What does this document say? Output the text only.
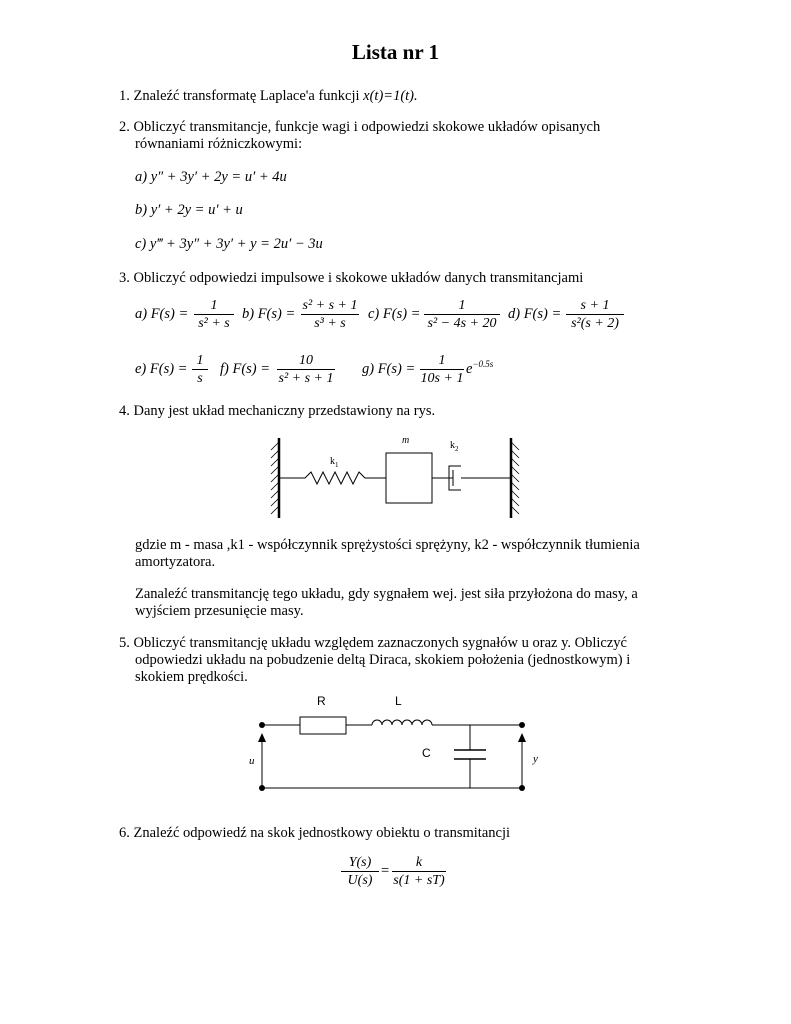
Lista nr 1
1. Znaleźć transformatę Laplace'a funkcji x(t)=1(t).
2. Obliczyć transmitancje, funkcje wagi i odpowiedzi skokowe układów opisanych
równaniami różniczkowymi:
a) y″ + 3y′ + 2y = u′ + 4u
b) y′ + 2y = u′ + u
c) y‴ + 3y″ + 3y′ + y = 2u′ − 3u
3. Obliczyć odpowiedzi impulsowe i skokowe układów danych transmitancjami
a) $F(s) = \frac{1}{\text{s² + s}} b$) $F(s) = \frac{\text{s² + s + 1}}{\text{s³ + s}} c$) $F(s) = \frac{1}{\text{s² − 4s + 20}} d$) $F(s) = \frac{s + 1}{\text{s²(s + 2)}}$
e) $F(s) = \frac{1}{s} f$) $F(s) = \frac{10}{\text{s² + s + 1}} g$) $F(s) = \frac{1}{10s + 1} e^{-0.5s}$
4. Dany jest układ mechaniczny przedstawiony na rys.
m
$k_1$
$k_2$
gdzie m - masa ,k1 - współczynnik sprężystości sprężyny, k2 - współczynnik tłumienia
amortyzatora.
Zanaleźć transmitancję tego układu, gdy sygnałem wej. jest siła przyłożona do masy, a
wyjściem przesunięcie masy.
5. Obliczyć transmitancję układu względem zaznaczonych sygnałów u oraz y. Obliczyć
odpowiedzi układu na pobudzenie deltą Diraca, skokiem położenia (jednostkowym) i
skokiem prędkości.
R	L
C
u	y
6. Znaleźć odpowiedź na skok jednostkowy obiektu o transmitancji
$\frac{Y(s)}{U(s)} = \frac{k}{s(1 + sT)}$
